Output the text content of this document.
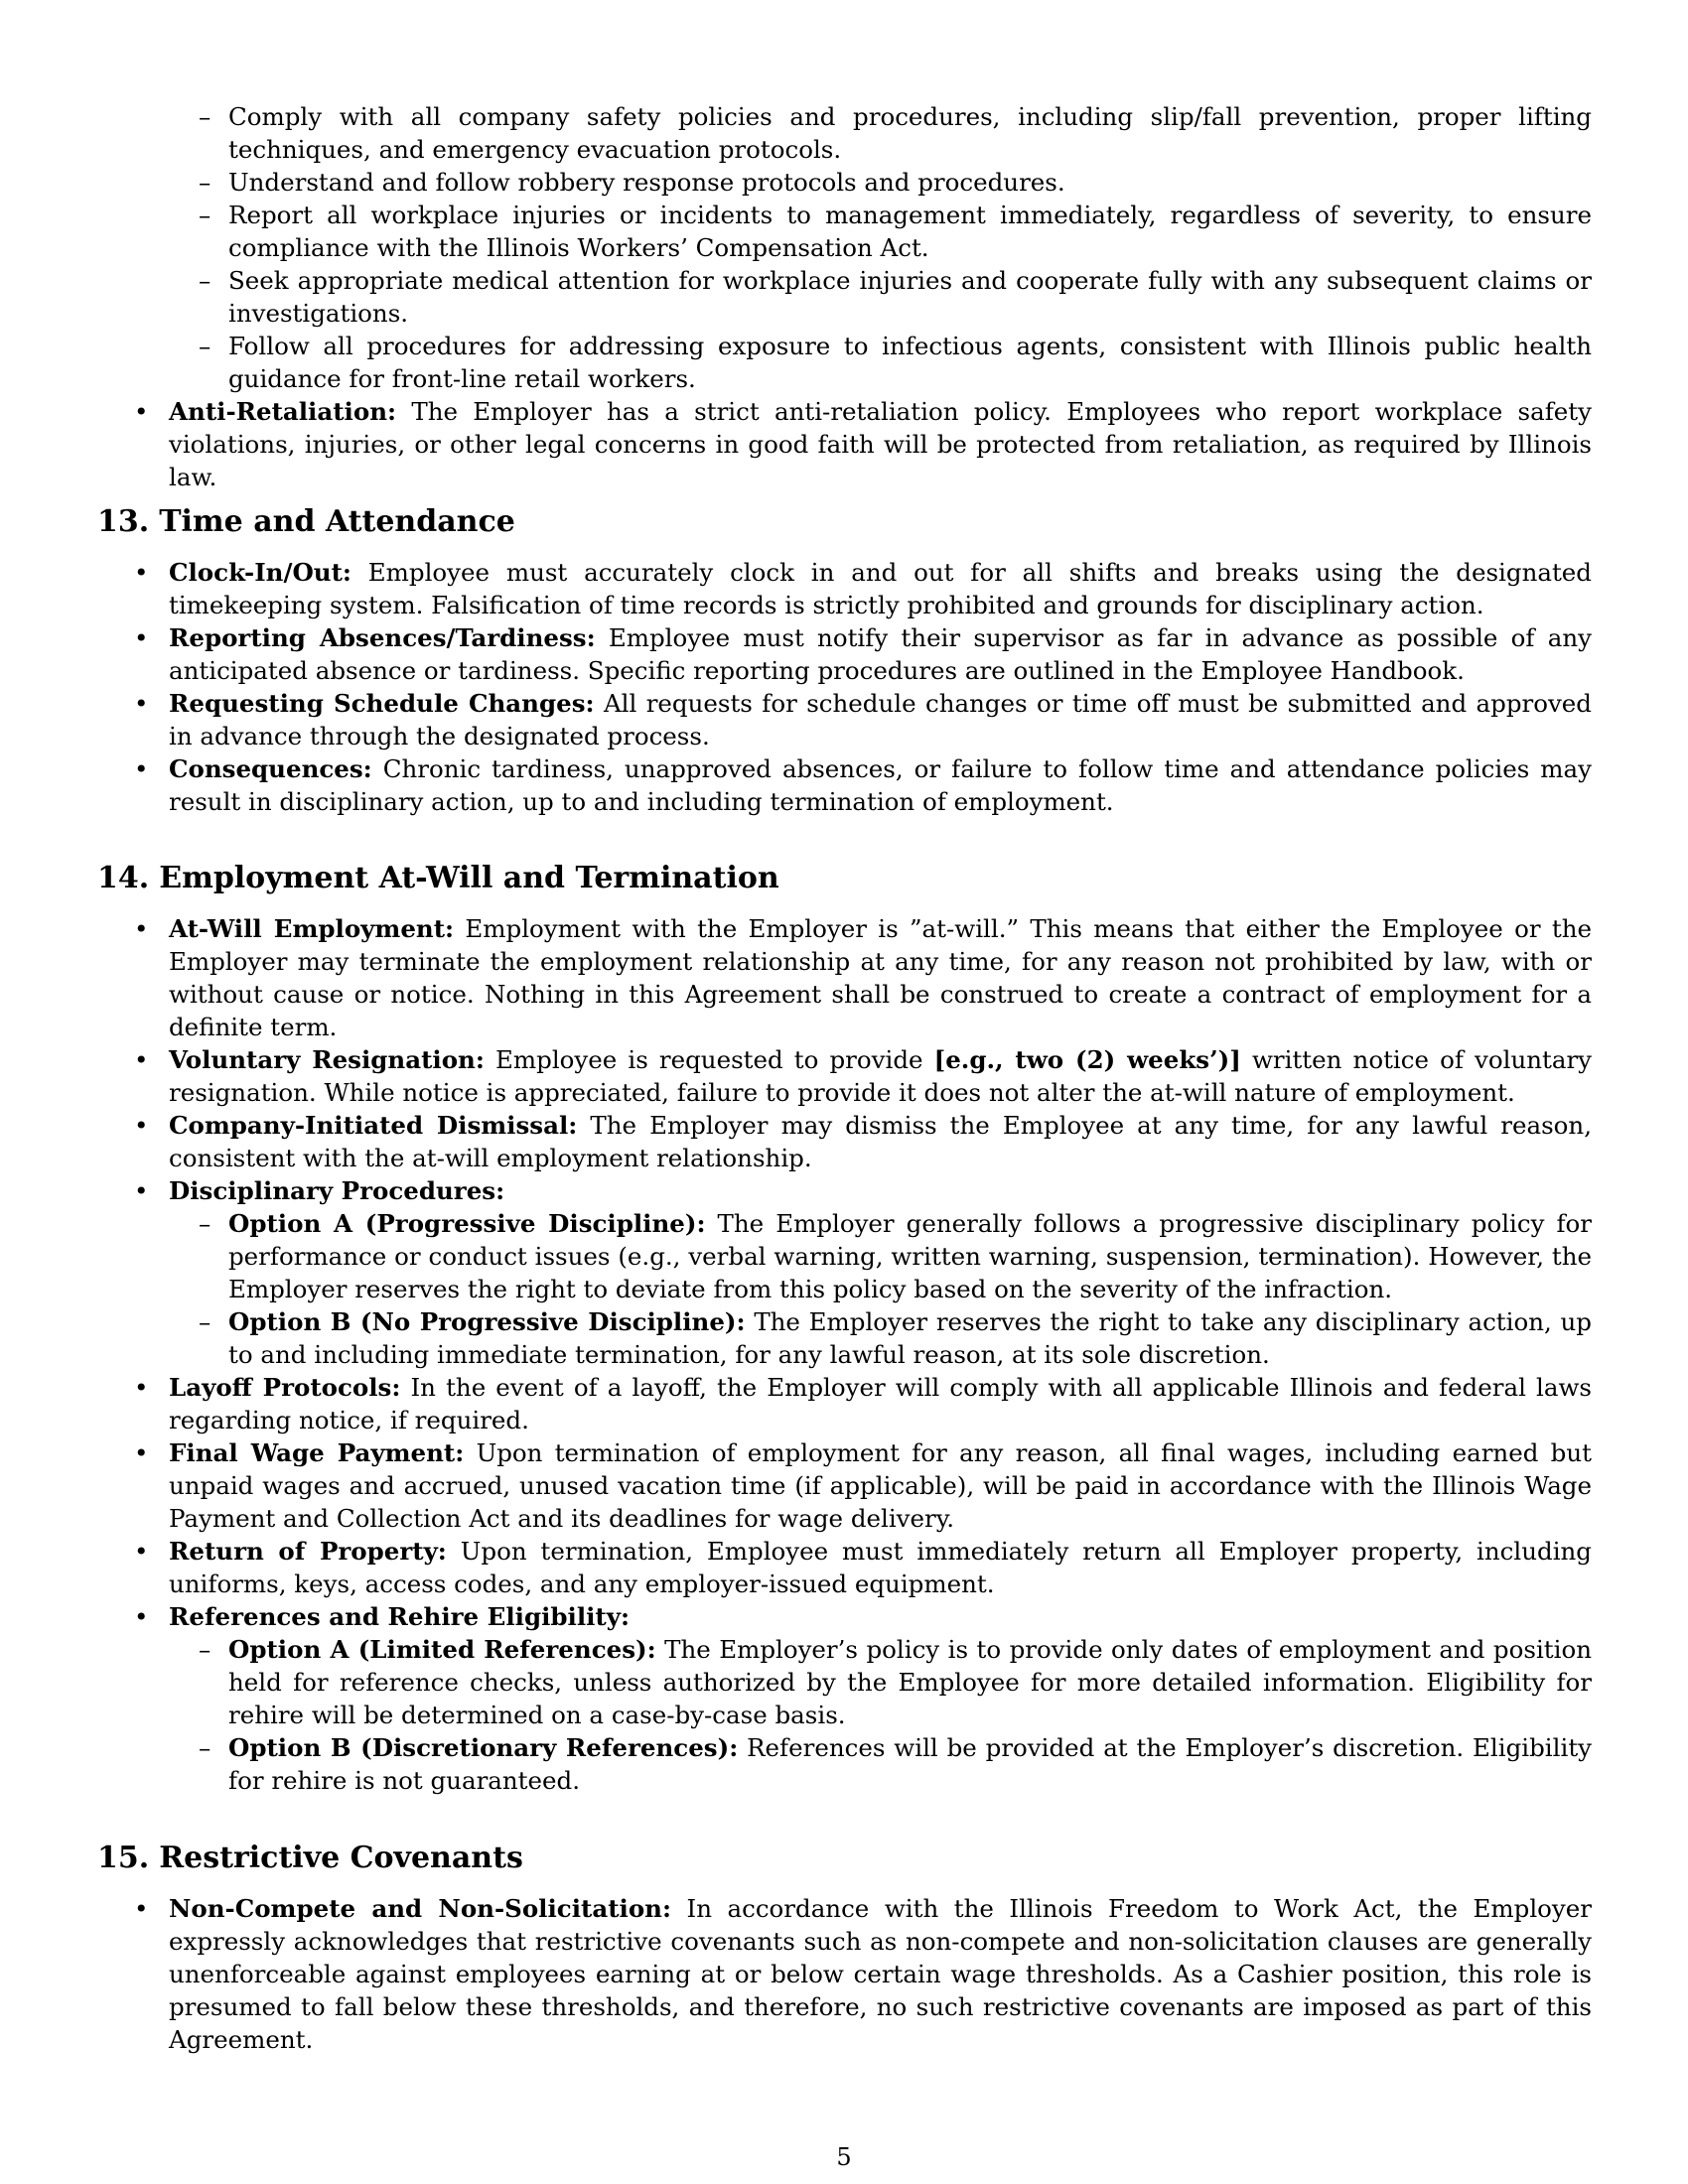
– Comply with all company safety policies and procedures, including slip/fall prevention, proper lifting techniques, and emergency evacuation protocols.
– Understand and follow robbery response protocols and procedures.
– Report all workplace injuries or incidents to management immediately, regardless of severity, to ensure compliance with the Illinois Workers’ Compensation Act.
– Seek appropriate medical attention for workplace injuries and cooperate fully with any subsequent claims or investigations.
– Follow all procedures for addressing exposure to infectious agents, consistent with Illinois public health guidance for front-line retail workers.
• Anti-Retaliation: The Employer has a strict anti-retaliation policy. Employees who report workplace safety violations, injuries, or other legal concerns in good faith will be protected from retaliation, as required by Illinois law.
13. Time and Attendance
• Clock-In/Out: Employee must accurately clock in and out for all shifts and breaks using the designated timekeeping system. Falsification of time records is strictly prohibited and grounds for disciplinary action.
• Reporting Absences/Tardiness: Employee must notify their supervisor as far in advance as possible of any anticipated absence or tardiness. Specific reporting procedures are outlined in the Employee Handbook.
• Requesting Schedule Changes: All requests for schedule changes or time off must be submitted and approved in advance through the designated process.
• Consequences: Chronic tardiness, unapproved absences, or failure to follow time and attendance policies may result in disciplinary action, up to and including termination of employment.
14. Employment At-Will and Termination
• At-Will Employment: Employment with the Employer is ”at-will.” This means that either the Employee or the Employer may terminate the employment relationship at any time, for any reason not prohibited by law, with or without cause or notice. Nothing in this Agreement shall be construed to create a contract of employment for a definite term.
• Voluntary Resignation: Employee is requested to provide [e.g., two (2) weeks’)] written notice of voluntary resignation. While notice is appreciated, failure to provide it does not alter the at-will nature of employment.
• Company-Initiated Dismissal: The Employer may dismiss the Employee at any time, for any lawful reason, consistent with the at-will employment relationship.
• Disciplinary Procedures:
– Option A (Progressive Discipline): The Employer generally follows a progressive disciplinary policy for performance or conduct issues (e.g., verbal warning, written warning, suspension, termination). However, the Employer reserves the right to deviate from this policy based on the severity of the infraction.
– Option B (No Progressive Discipline): The Employer reserves the right to take any disciplinary action, up to and including immediate termination, for any lawful reason, at its sole discretion.
• Layoff Protocols: In the event of a layoff, the Employer will comply with all applicable Illinois and federal laws regarding notice, if required.
• Final Wage Payment: Upon termination of employment for any reason, all final wages, including earned but unpaid wages and accrued, unused vacation time (if applicable), will be paid in accordance with the Illinois Wage Payment and Collection Act and its deadlines for wage delivery.
• Return of Property: Upon termination, Employee must immediately return all Employer property, including uniforms, keys, access codes, and any employer-issued equipment.
• References and Rehire Eligibility:
– Option A (Limited References): The Employer’s policy is to provide only dates of employment and position held for reference checks, unless authorized by the Employee for more detailed information. Eligibility for rehire will be determined on a case-by-case basis.
– Option B (Discretionary References): References will be provided at the Employer’s discretion. Eligibility for rehire is not guaranteed.
15. Restrictive Covenants
• Non-Compete and Non-Solicitation: In accordance with the Illinois Freedom to Work Act, the Employer expressly acknowledges that restrictive covenants such as non-compete and non-solicitation clauses are generally unenforceable against employees earning at or below certain wage thresholds. As a Cashier position, this role is presumed to fall below these thresholds, and therefore, no such restrictive covenants are imposed as part of this Agreement.
5
